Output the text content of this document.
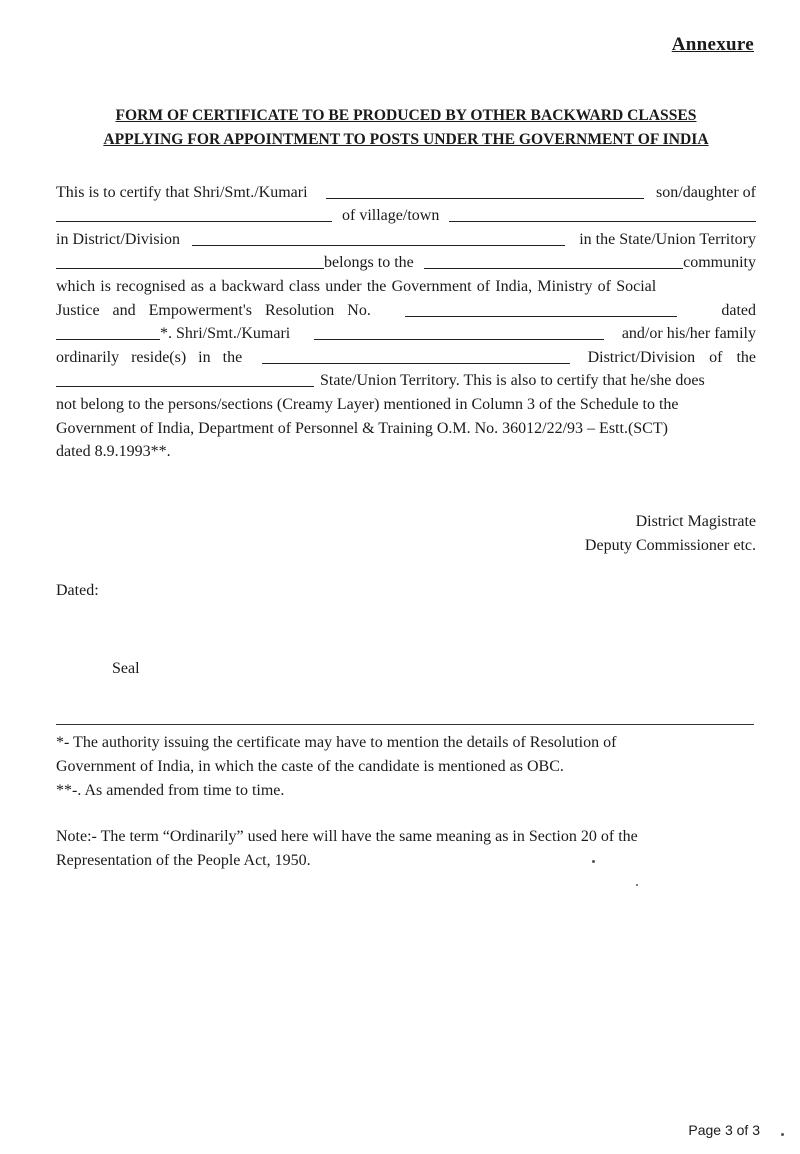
Annexure
FORM OF CERTIFICATE TO BE PRODUCED BY OTHER BACKWARD CLASSES
APPLYING FOR APPOINTMENT TO POSTS UNDER THE GOVERNMENT OF INDIA
This is to certify that Shri/Smt./Kumari	son/daughter of
of village/town
in District/Division	in the State/Union Territory
belongs to the	community
which is recognised as a backward class under the Government of India, Ministry of Social
Justice and Empowerment's Resolution No.	dated
*. Shri/Smt./Kumari	and/or his/her family
ordinarily reside(s) in the	District/Division of the
State/Union Territory. This is also to certify that he/she does
not belong to the persons/sections (Creamy Layer) mentioned in Column 3 of the Schedule to the
Government of India, Department of Personnel & Training O.M. No. 36012/22/93 – Estt.(SCT)
dated 8.9.1993**.
District Magistrate
Deputy Commissioner etc.
Dated:
Seal
*- The authority issuing the certificate may have to mention the details of Resolution of
Government of India, in which the caste of the candidate is mentioned as OBC.
**-. As amended from time to time.
Note:- The term “Ordinarily” used here will have the same meaning as in Section 20 of the
Representation of the People Act, 1950.
Page 3 of 3
